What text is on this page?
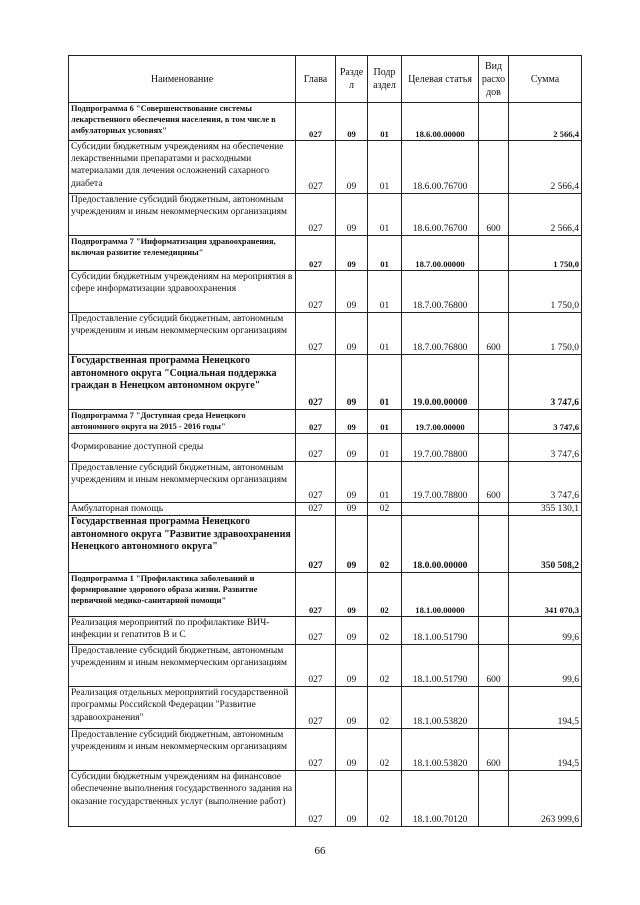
Наименование	Глава	Разде л	Подр аздел	Целевая статья	Вид расхо дов	Сумма
Подпрограмма 6 "Совершенствование системы лекарственного обеспечения населения, в том числе в амбулаторных условиях"	027	09	01	18.6.00.00000		2 566,4
Субсидии бюджетным учреждениям на обеспечение лекарственными препаратами и расходными материалами для лечения осложнений сахарного диабета	027	09	01	18.6.00.76700		2 566,4
Предоставление субсидий бюджетным, автономным учреждениям и иным некоммерческим организациям	027	09	01	18.6.00.76700	600	2 566,4
Подпрограмма 7 "Информатизация здравоохранения, включая развитие телемедицины"	027	09	01	18.7.00.00000		1 750,0
Субсидии бюджетным учреждениям на мероприятия в сфере информатизации здравоохранения	027	09	01	18.7.00.76800		1 750,0
Предоставление субсидий бюджетным, автономным учреждениям и иным некоммерческим организациям	027	09	01	18.7.00.76800	600	1 750,0
Государственная программа Ненецкого автономного округа "Социальная поддержка граждан в Ненецком автономном округе"	027	09	01	19.0.00.00000		3 747,6
Подпрограмма 7 "Доступная среда Ненецкого автономного округа на 2015 - 2016 годы"	027	09	01	19.7.00.00000		3 747,6
Формирование доступной среды	027	09	01	19.7.00.78800		3 747,6
Предоставление субсидий бюджетным, автономным учреждениям и иным некоммерческим организациям	027	09	01	19.7.00.78800	600	3 747,6
Амбулаторная помощь	027	09	02			355 130,1
Государственная программа Ненецкого автономного округа "Развитие здравоохранения Ненецкого автономного округа"	027	09	02	18.0.00.00000		350 508,2
Подпрограмма 1 "Профилактика заболеваний и формирование здорового образа жизни. Развитие первичной медико-санитарной помощи"	027	09	02	18.1.00.00000		341 070,3
Реализация мероприятий по профилактике ВИЧ-инфекции и гепатитов В и С	027	09	02	18.1.00.51790		99,6
Предоставление субсидий бюджетным, автономным учреждениям и иным некоммерческим организациям	027	09	02	18.1.00.51790	600	99,6
Реализация отдельных мероприятий государственной программы Российской Федерации "Развитие здравоохранения"	027	09	02	18.1.00.53820		194,5
Предоставление субсидий бюджетным, автономным учреждениям и иным некоммерческим организациям	027	09	02	18.1.00.53820	600	194,5
Субсидии бюджетным учреждениям на финансовое обеспечение выполнения государственного задания на оказание государственных услуг (выполнение работ)	027	09	02	18.1.00.70120		263 999,6
66
